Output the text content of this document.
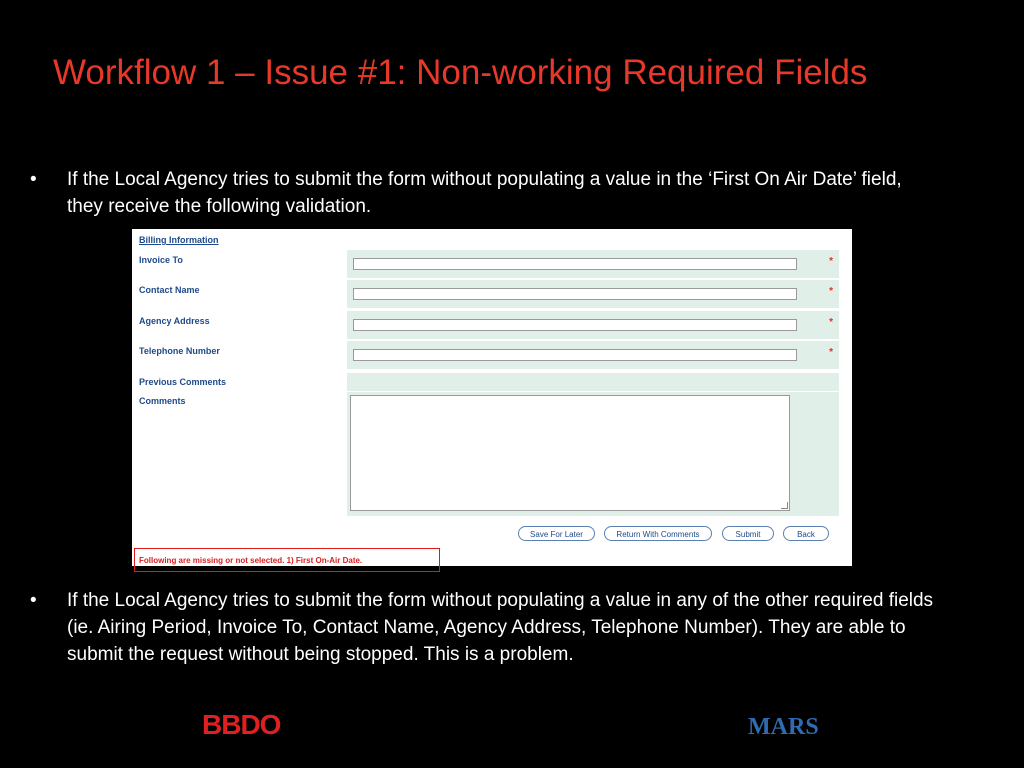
Workflow 1 – Issue #1: Non-working Required Fields
•	If the Local Agency tries to submit the form without populating a value in the ‘First On Air Date’ field, they receive the following validation.
Billing Information
Invoice To	*
Contact Name	*
Agency Address	*
Telephone Number	*
Previous Comments
Comments
Save For Later	Return With Comments	Submit	Back
Following are missing or not selected. 1) First On-Air Date.
•	If the Local Agency tries to submit the form without populating a value in any of the other required fields (ie. Airing Period, Invoice To, Contact Name, Agency Address, Telephone Number). They are able to submit the request without being stopped. This is a problem.
BBDO	MARS
